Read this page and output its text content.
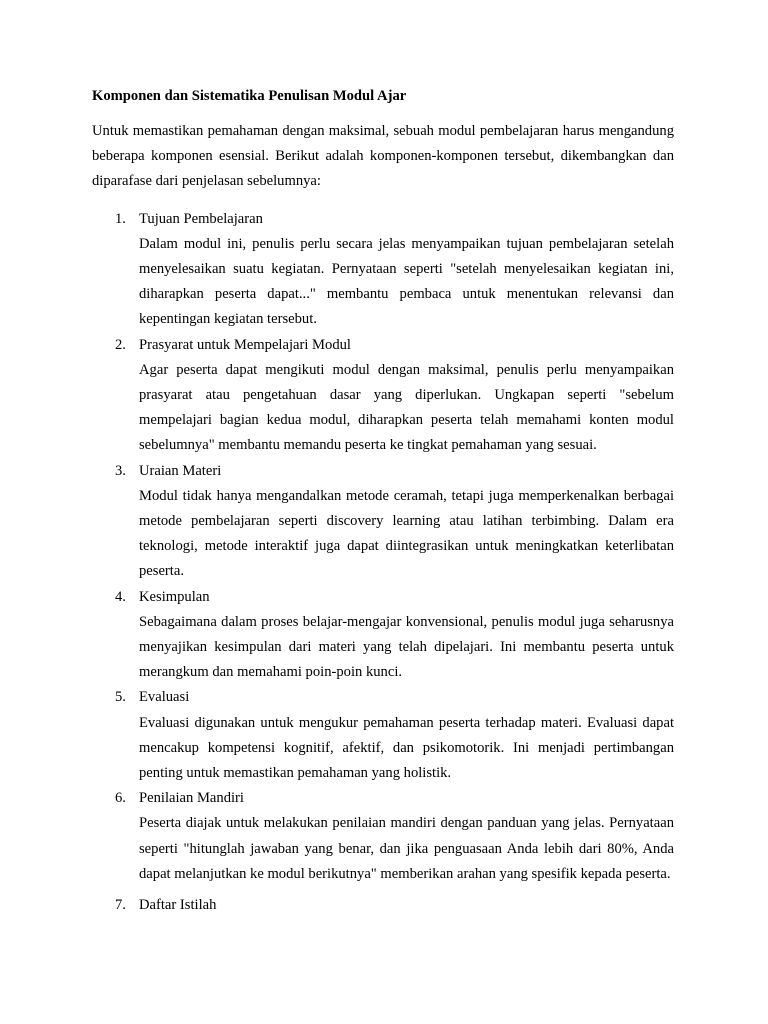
Komponen dan Sistematika Penulisan Modul Ajar
Untuk memastikan pemahaman dengan maksimal, sebuah modul pembelajaran harus mengandung beberapa komponen esensial. Berikut adalah komponen-komponen tersebut, dikembangkan dan diparafase dari penjelasan sebelumnya:
1. Tujuan Pembelajaran
Dalam modul ini, penulis perlu secara jelas menyampaikan tujuan pembelajaran setelah menyelesaikan suatu kegiatan. Pernyataan seperti "setelah menyelesaikan kegiatan ini, diharapkan peserta dapat..." membantu pembaca untuk menentukan relevansi dan kepentingan kegiatan tersebut.
2. Prasyarat untuk Mempelajari Modul
Agar peserta dapat mengikuti modul dengan maksimal, penulis perlu menyampaikan prasyarat atau pengetahuan dasar yang diperlukan. Ungkapan seperti "sebelum mempelajari bagian kedua modul, diharapkan peserta telah memahami konten modul sebelumnya" membantu memandu peserta ke tingkat pemahaman yang sesuai.
3. Uraian Materi
Modul tidak hanya mengandalkan metode ceramah, tetapi juga memperkenalkan berbagai metode pembelajaran seperti discovery learning atau latihan terbimbing. Dalam era teknologi, metode interaktif juga dapat diintegrasikan untuk meningkatkan keterlibatan peserta.
4. Kesimpulan
Sebagaimana dalam proses belajar-mengajar konvensional, penulis modul juga seharusnya menyajikan kesimpulan dari materi yang telah dipelajari. Ini membantu peserta untuk merangkum dan memahami poin-poin kunci.
5. Evaluasi
Evaluasi digunakan untuk mengukur pemahaman peserta terhadap materi. Evaluasi dapat mencakup kompetensi kognitif, afektif, dan psikomotorik. Ini menjadi pertimbangan penting untuk memastikan pemahaman yang holistik.
6. Penilaian Mandiri
Peserta diajak untuk melakukan penilaian mandiri dengan panduan yang jelas. Pernyataan seperti "hitunglah jawaban yang benar, dan jika penguasaan Anda lebih dari 80%, Anda dapat melanjutkan ke modul berikutnya" memberikan arahan yang spesifik kepada peserta.
7. Daftar Istilah
